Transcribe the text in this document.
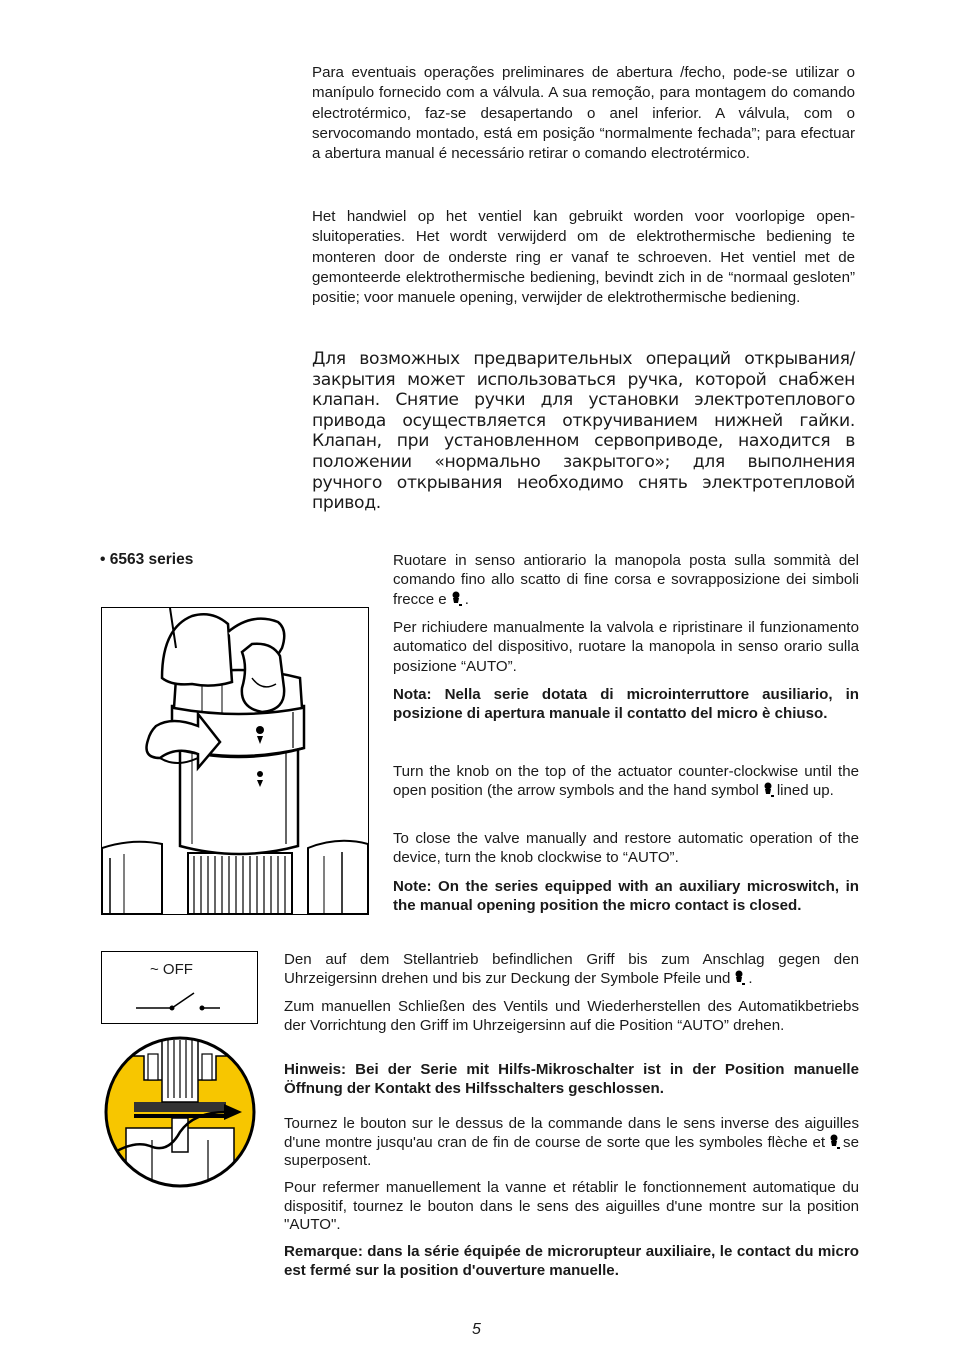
Para eventuais operações preliminares de abertura /fecho, pode-se utilizar o manípulo fornecido com a válvula. A sua remoção, para montagem do comando electrotérmico, faz-se desapertando o anel inferior. A válvula, com o servocomando montado, está em posição “normalmente fechada”; para efectuar a abertura manual é necessário retirar o comando electrotérmico.
Het handwiel op het ventiel kan gebruikt worden voor voorlopige open-sluitoperaties. Het wordt verwijderd om de elektrothermische bediening te monteren door de onderste ring er vanaf te schroeven. Het ventiel met de gemonteerde elektrothermische bediening, bevindt zich in de “normaal gesloten” positie; voor manuele opening, verwijder de elektrothermische bediening.

Для возможных предварительных операций открывания/закрытия может использоваться ручка, которой снабжен клапан. Снятие ручки для установки электротеплового привода осуществляется откручиванием нижней гайки. Клапан, при установленном сервоприводе, находится в положении «нормально закрытого»; для выполнения ручного открывания необходимо снять электротепловой привод.

• 6563 series	Ruotare in senso antiorario la manopola posta sulla sommità del comando fino allo scatto di fine corsa e sovrapposizione dei simboli frecce e .

Per richiudere manualmente la valvola e ripristinare il funzionamento automatico del dispositivo, ruotare la manopola in senso orario sulla posizione “AUTO”.
Nota: Nella serie dotata di microinterruttore ausiliario, in posizione di apertura manuale il contatto del micro è chiuso.

Turn the knob on the top of the actuator counter-clockwise until the open position (the arrow symbols and the hand symbol lined up.

To close the valve manually and restore automatic operation of the device, turn the knob clockwise to “AUTO”.
Note: On the series equipped with an auxiliary microswitch, in the manual opening position the micro contact is closed.
~ OFF

Den auf dem Stellantrieb befindlichen Griff bis zum Anschlag gegen den Uhrzeigersinn drehen und bis zur Deckung der Symbole Pfeile und .

Zum manuellen Schließen des Ventils und Wiederherstellen des Automatikbetriebs der Vorrichtung den Griff im Uhrzeigersinn auf die Position “AUTO” drehen.
Hinweis: Bei der Serie mit Hilfs-Mikroschalter ist in der Position manuelle Öffnung der Kontakt des Hilfsschalters geschlossen.

Tournez le bouton sur le dessus de la commande dans le sens inverse des aiguilles d'une montre jusqu'au cran de fin de course de sorte que les symboles flèche et se superposent.

Pour refermer manuellement la vanne et rétablir le fonctionnement automatique du dispositif, tournez le bouton dans le sens des aiguilles d'une montre sur la position "AUTO".
Remarque: dans la série équipée de microrupteur auxiliaire, le contact du micro est fermé sur la position d'ouverture manuelle.
5
